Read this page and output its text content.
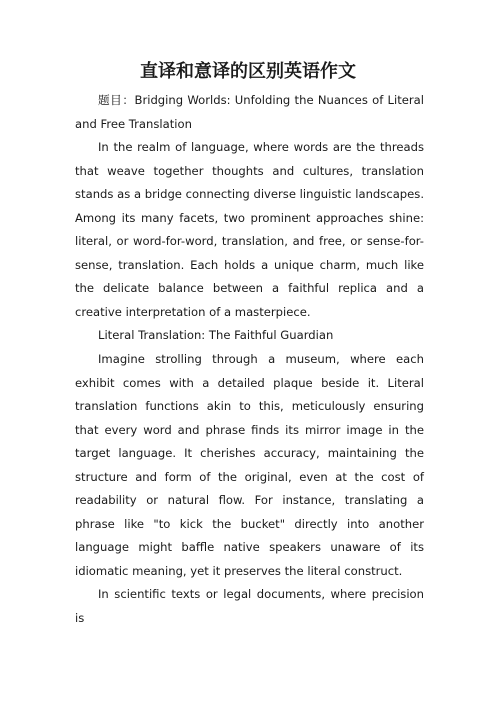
直译和意译的区别英语作文

题目：Bridging Worlds: Unfolding the Nuances of Literal and Free Translation

In the realm of language, where words are the threads that weave together thoughts and cultures, translation stands as a bridge connecting diverse linguistic landscapes. Among its many facets, two prominent approaches shine: literal, or word-for-word, translation, and free, or sense-for-sense, translation. Each holds a unique charm, much like the delicate balance between a faithful replica and a creative interpretation of a masterpiece.

Literal Translation: The Faithful Guardian

Imagine strolling through a museum, where each exhibit comes with a detailed plaque beside it. Literal translation functions akin to this, meticulously ensuring that every word and phrase finds its mirror image in the target language. It cherishes accuracy, maintaining the structure and form of the original, even at the cost of readability or natural flow. For instance, translating a phrase like "to kick the bucket" directly into another language might baffle native speakers unaware of its idiomatic meaning, yet it preserves the literal construct.

In scientific texts or legal documents, where precision is
